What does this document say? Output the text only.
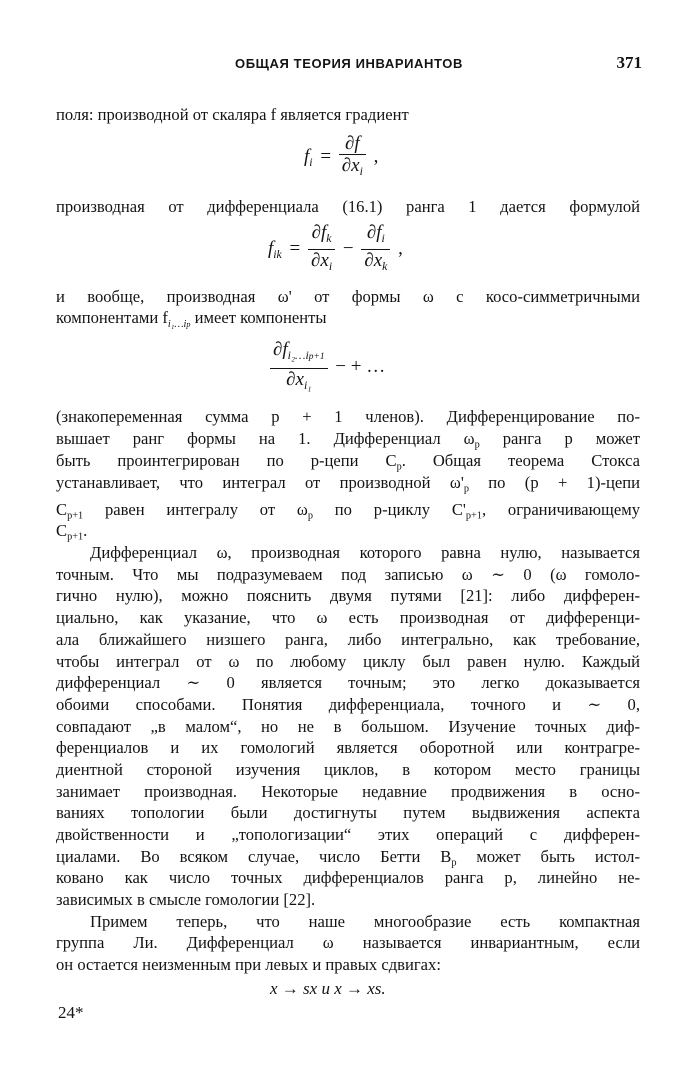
ОБЩАЯ ТЕОРИЯ ИНВАРИАНТОВ	371
поля: производной от скаляра f является градиент
$f_i = \frac{\partial f}{\partial x_i}$ ,
производная от дифференциала (16.1) ранга 1 дается формулой
$f_{ik} = \frac{\partial f_k}{\partial x_i} - \frac{\partial f_i}{\partial x_k}$ ,
и вообще, производная ω' от формы ω с косо-симметричными
компонентами $f_{i_1\dots ip}$ имеет компоненты
$\frac{\partial f_{i_2\dots ip+1}}{\partial x_{i_1}}$ − + …
(знакопеременная сумма p + 1 членов). Дифференцирование по-
вышает ранг формы на 1. Дифференциал $\omega_p$ ранга p может
быть проинтегрирован по p-цепи $C_p$. Общая теорема Стокса
устанавливает, что интеграл от производной $\omega'_p$ по (p + 1)-цепи
$C_{p+1}$ равен интегралу от $\omega_p$ по p-циклу $C'_{p+1}$, ограничивающему
$C_{p+1}$.
Дифференциал ω, производная которого равна нулю, называется
точным. Что мы подразумеваем под записью ω ∼ 0 (ω гомоло-
гично нулю), можно пояснить двумя путями [21]: либо дифферен-
циально, как указание, что ω есть производная от дифференци-
ала ближайшего низшего ранга, либо интегрально, как требование,
чтобы интеграл от ω по любому циклу был равен нулю. Каждый
дифференциал ∼ 0 является точным; это легко доказывается
обоими способами. Понятия дифференциала, точного и ∼ 0,
совпадают „в малом“, но не в большом. Изучение точных диф-
ференциалов и их гомологий является оборотной или контрагре-
диентной стороной изучения циклов, в котором место границы
занимает производная. Некоторые недавние продвижения в осно-
ваниях топологии были достигнуты путем выдвижения аспекта
двойственности и „топологизации“ этих операций с дифферен-
циалами. Во всяком случае, число Бетти $B_p$ может быть истол-
ковано как число точных дифференциалов ранга p, линейно не-
зависимых в смысле гомологии [22].
Примем теперь, что наше многообразие есть компактная
группа Ли. Дифференциал ω называется инвариантным, если
он остается неизменным при левых и правых сдвигах:
x → sx и x → xs.
24*
